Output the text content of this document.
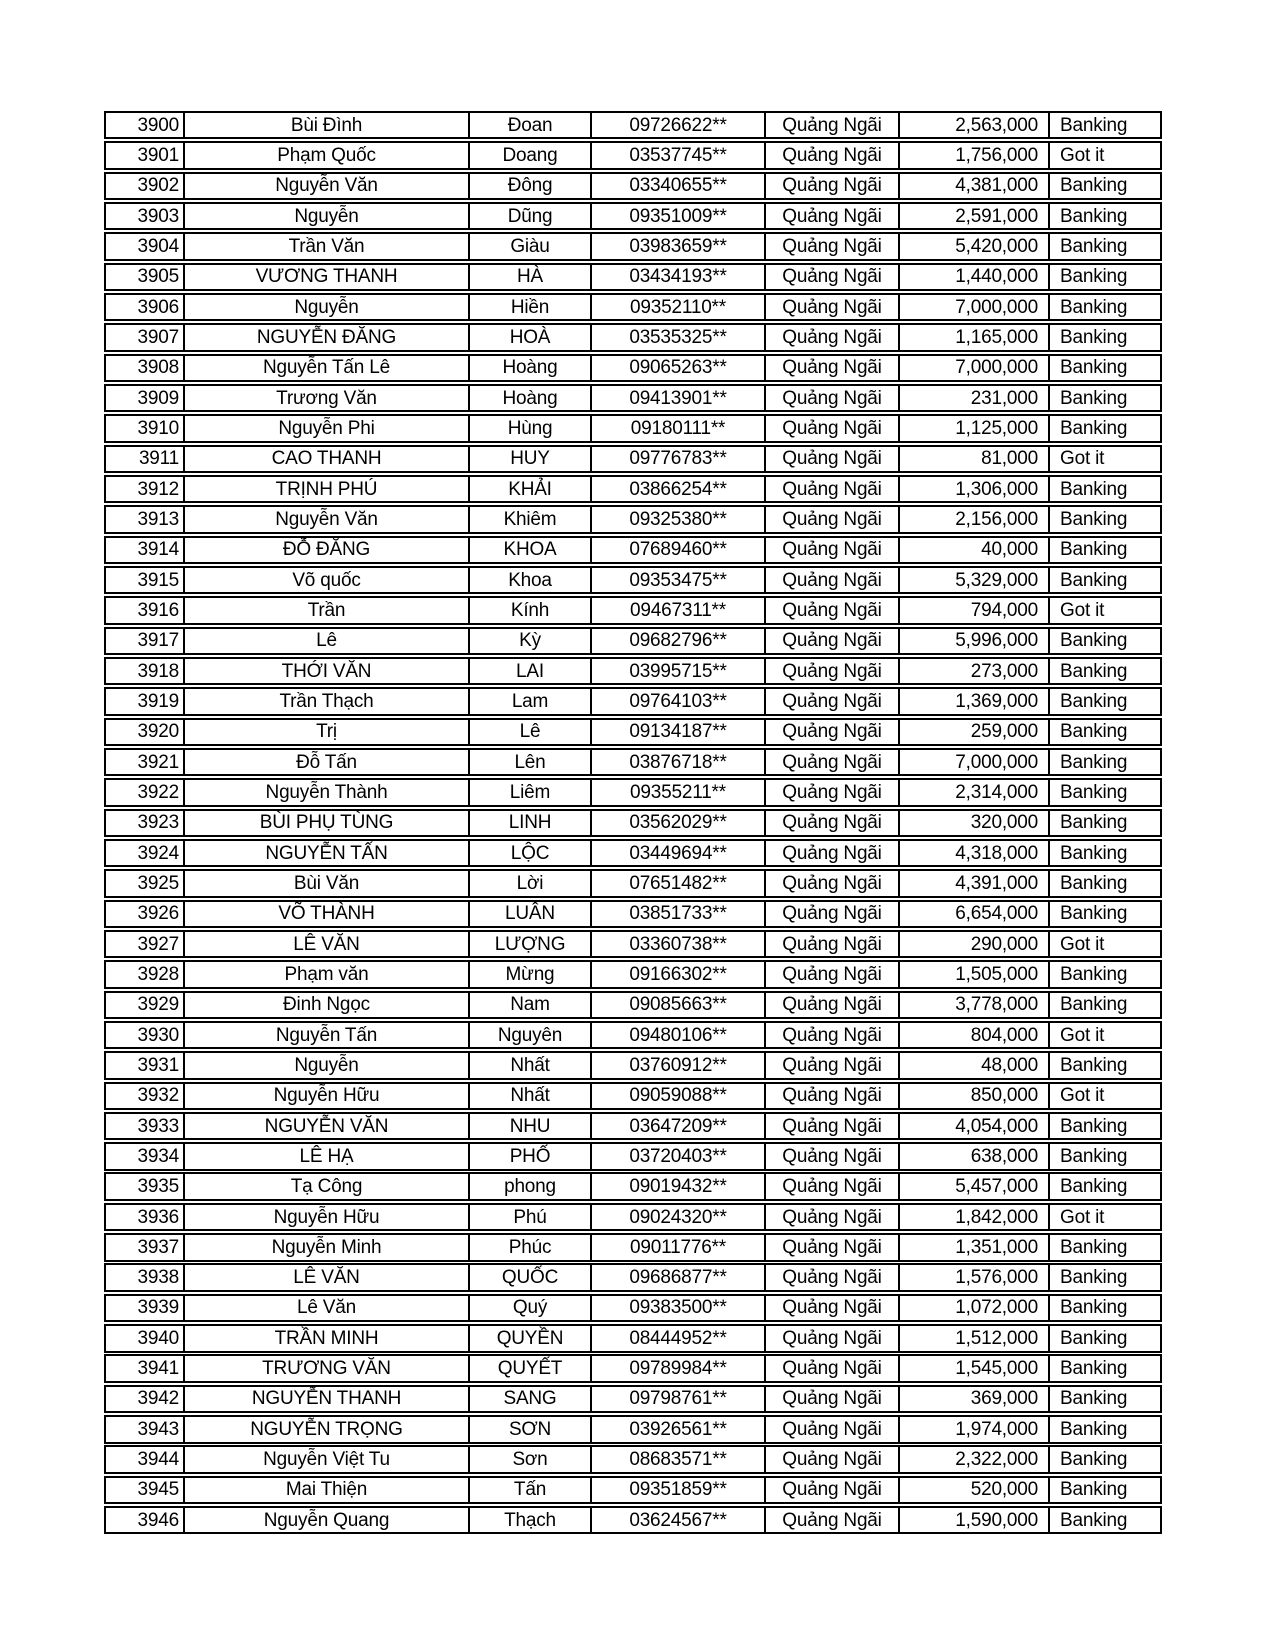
3900	Bùi Đình	Đoan	09726622**	Quảng Ngãi	2,563,000	Banking
3901	Phạm Quốc	Doang	03537745**	Quảng Ngãi	1,756,000	Got it
3902	Nguyễn Văn	Đông	03340655**	Quảng Ngãi	4,381,000	Banking
3903	Nguyễn	Dũng	09351009**	Quảng Ngãi	2,591,000	Banking
3904	Trần Văn	Giàu	03983659**	Quảng Ngãi	5,420,000	Banking
3905	VƯƠNG THANH	HÀ	03434193**	Quảng Ngãi	1,440,000	Banking
3906	Nguyễn	Hiền	09352110**	Quảng Ngãi	7,000,000	Banking
3907	NGUYỄN ĐĂNG	HOÀ	03535325**	Quảng Ngãi	1,165,000	Banking
3908	Nguyễn Tấn Lê	Hoàng	09065263**	Quảng Ngãi	7,000,000	Banking
3909	Trương Văn	Hoàng	09413901**	Quảng Ngãi	231,000	Banking
3910	Nguyễn Phi	Hùng	09180111**	Quảng Ngãi	1,125,000	Banking
3911	CAO THANH	HUY	09776783**	Quảng Ngãi	81,000	Got it
3912	TRỊNH PHÚ	KHẢI	03866254**	Quảng Ngãi	1,306,000	Banking
3913	Nguyễn Văn	Khiêm	09325380**	Quảng Ngãi	2,156,000	Banking
3914	ĐỖ ĐĂNG	KHOA	07689460**	Quảng Ngãi	40,000	Banking
3915	Võ quốc	Khoa	09353475**	Quảng Ngãi	5,329,000	Banking
3916	Trần	Kính	09467311**	Quảng Ngãi	794,000	Got it
3917	Lê	Kỳ	09682796**	Quảng Ngãi	5,996,000	Banking
3918	THỚI VĂN	LAI	03995715**	Quảng Ngãi	273,000	Banking
3919	Trần Thạch	Lam	09764103**	Quảng Ngãi	1,369,000	Banking
3920	Trị	Lê	09134187**	Quảng Ngãi	259,000	Banking
3921	Đỗ Tấn	Lên	03876718**	Quảng Ngãi	7,000,000	Banking
3922	Nguyễn Thành	Liêm	09355211**	Quảng Ngãi	2,314,000	Banking
3923	BÙI PHỤ TÙNG	LINH	03562029**	Quảng Ngãi	320,000	Banking
3924	NGUYỄN TẤN	LỘC	03449694**	Quảng Ngãi	4,318,000	Banking
3925	Bùi Văn	Lời	07651482**	Quảng Ngãi	4,391,000	Banking
3926	VÕ THÀNH	LUÂN	03851733**	Quảng Ngãi	6,654,000	Banking
3927	LÊ VĂN	LƯỢNG	03360738**	Quảng Ngãi	290,000	Got it
3928	Phạm văn	Mừng	09166302**	Quảng Ngãi	1,505,000	Banking
3929	Đinh Ngọc	Nam	09085663**	Quảng Ngãi	3,778,000	Banking
3930	Nguyễn Tấn	Nguyên	09480106**	Quảng Ngãi	804,000	Got it
3931	Nguyễn	Nhất	03760912**	Quảng Ngãi	48,000	Banking
3932	Nguyễn Hữu	Nhất	09059088**	Quảng Ngãi	850,000	Got it
3933	NGUYỄN VĂN	NHU	03647209**	Quảng Ngãi	4,054,000	Banking
3934	LÊ HẠ	PHỐ	03720403**	Quảng Ngãi	638,000	Banking
3935	Tạ Công	phong	09019432**	Quảng Ngãi	5,457,000	Banking
3936	Nguyễn Hữu	Phú	09024320**	Quảng Ngãi	1,842,000	Got it
3937	Nguyễn Minh	Phúc	09011776**	Quảng Ngãi	1,351,000	Banking
3938	LÊ VĂN	QUỐC	09686877**	Quảng Ngãi	1,576,000	Banking
3939	Lê Văn	Quý	09383500**	Quảng Ngãi	1,072,000	Banking
3940	TRẦN MINH	QUYỀN	08444952**	Quảng Ngãi	1,512,000	Banking
3941	TRƯƠNG VĂN	QUYẾT	09789984**	Quảng Ngãi	1,545,000	Banking
3942	NGUYỄN THANH	SANG	09798761**	Quảng Ngãi	369,000	Banking
3943	NGUYỄN TRỌNG	SƠN	03926561**	Quảng Ngãi	1,974,000	Banking
3944	Nguyễn Việt Tu	Sơn	08683571**	Quảng Ngãi	2,322,000	Banking
3945	Mai Thiện	Tấn	09351859**	Quảng Ngãi	520,000	Banking
3946	Nguyễn Quang	Thạch	03624567**	Quảng Ngãi	1,590,000	Banking
